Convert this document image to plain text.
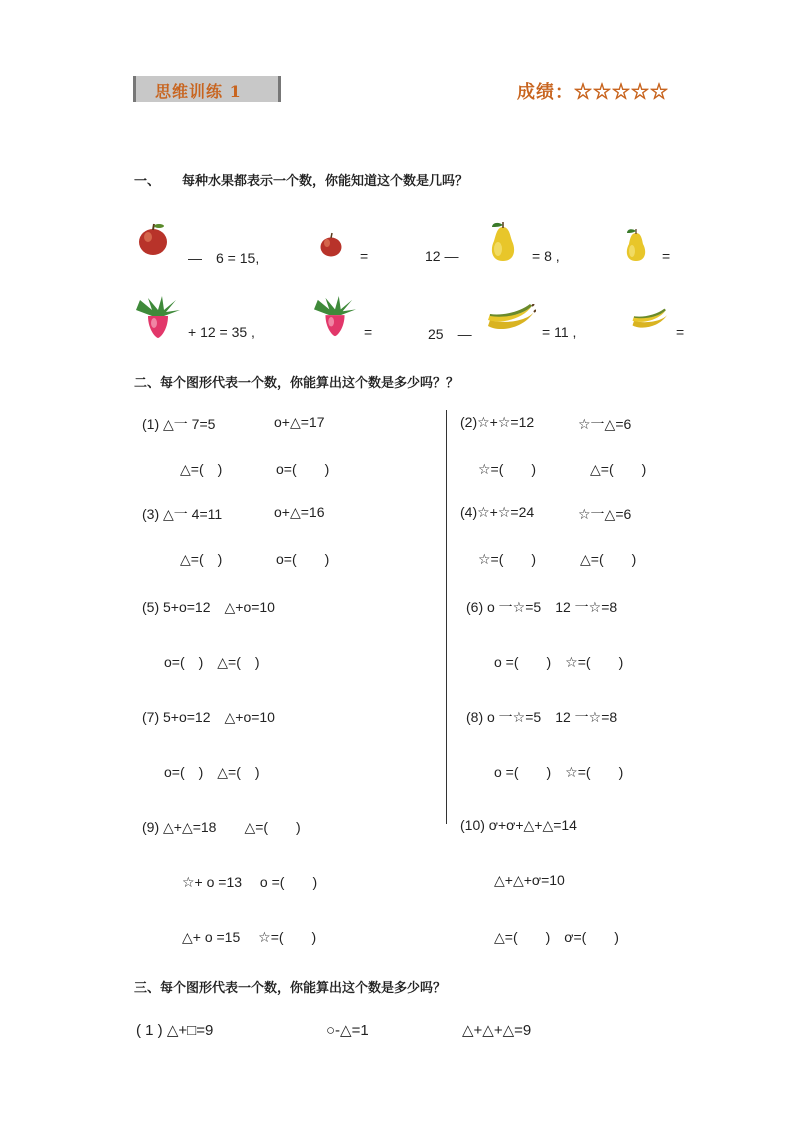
思维训练 1	成绩：☆☆☆☆☆
一、 每种水果都表示一个数，你能知道这个数是几吗？
—　6 = 15,	=	12 —	= 8 ,	=
+ 12 = 35 ,	=	25　—	= 11 ,	=
二、每个图形代表一个数，你能算出这个数是多少吗？？
(1) △一 7=5	o+△=17
△=(　)	o=(　　)
(3) △一 4=11	o+△=16
△=(　)	o=(　　)
(5) 5+o=12　△+o=10
o=(　)　△=(　)
(7) 5+o=12　△+o=10
o=(　)　△=(　)
(9) △+△=18　　△=(　　)
☆+ o =13　 o =(　　)
△+ o =15　 ☆=(　　)
(2)☆+☆=12	☆一△=6
☆=(　　)	△=(　　)
(4)☆+☆=24	☆一△=6
☆=(　　)	△=(　　)
(6) o 一☆=5　12 一☆=8
o =(　　)　☆=(　　)
(8) o 一☆=5　12 一☆=8
o =(　　)　☆=(　　)
(10) ơ+ơ+△+△=14
△+△+ơ=10
△=(　　)　ơ=(　　)
三、每个图形代表一个数，你能算出这个数是多少吗？
( 1 ) △+□=9	○-△=1	△+△+△=9
